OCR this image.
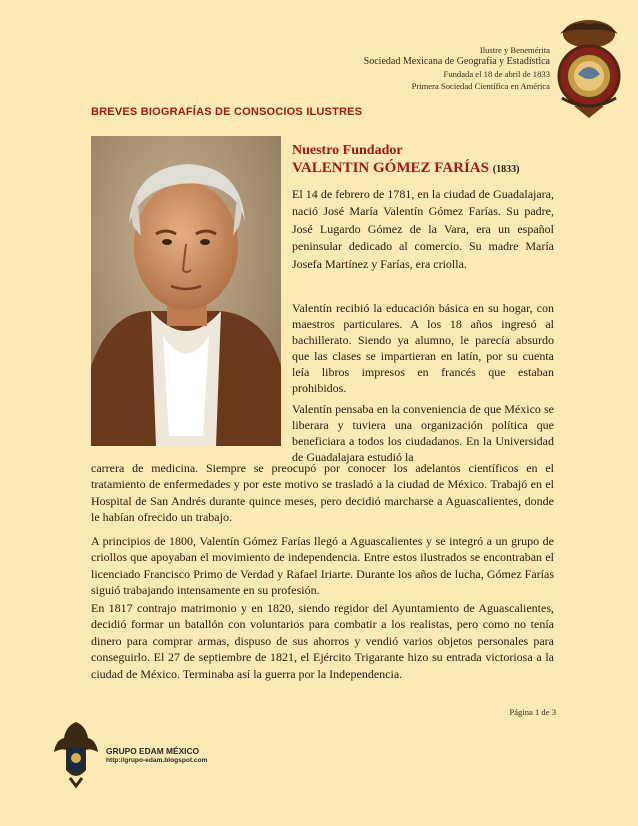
Ilustre y Benemérita
Sociedad Mexicana de Geografía y Estadística
Fundada el 18 de abril de 1833
Primera Sociedad Científica en América
BREVES BIOGRAFÍAS DE CONSOCIOS ILUSTRES
Nuestro Fundador
VALENTIN GÓMEZ FARÍAS (1833)
El 14 de febrero de 1781, en la ciudad de Guadalajara, nació José María Valentín Gómez Farías. Su padre, José Lugardo Gómez de la Vara, era un español peninsular dedicado al comercio. Su madre María Josefa Martínez y Farías, era criolla.
Valentín recibió la educación básica en su hogar, con maestros particulares. A los 18 años ingresó al bachillerato. Siendo ya alumno, le parecía absurdo que las clases se impartieran en latín, por su cuenta leía libros impresos en francés que estaban prohibidos.
Valentín pensaba en la conveniencia de que México se liberara y tuviera una organización política que beneficiara a todos los ciudadanos. En la Universidad de Guadalajara estudió la
carrera de medicina. Siempre se preocupó por conocer los adelantos científicos en el tratamiento de enfermedades y por este motivo se trasladó a la ciudad de México. Trabajó en el Hospital de San Andrés durante quince meses, pero decidió marcharse a Aguascalientes, donde le habían ofrecido un trabajo.
A principios de 1800, Valentín Gómez Farías llegó a Aguascalientes y se integró a un grupo de criollos que apoyaban el movimiento de independencia. Entre estos ilustrados se encontraban el licenciado Francisco Primo de Verdad y Rafael Iriarte. Durante los años de lucha, Gómez Farías siguió trabajando intensamente en su profesión.
En 1817 contrajo matrimonio y en 1820, siendo regidor del Ayuntamiento de Aguascalientes, decidió formar un batallón con voluntarios para combatir a los realistas, pero como no tenía dinero para comprar armas, dispuso de sus ahorros y vendió varios objetos personales para conseguirlo. El 27 de septiembre de 1821, el Ejército Trigarante hizo su entrada victoriosa a la ciudad de México. Terminaba así la guerra por la Independencia.
Página 1 de 3
GRUPO EDAM MÉXICO
http://grupo-edam.blogspot.com
